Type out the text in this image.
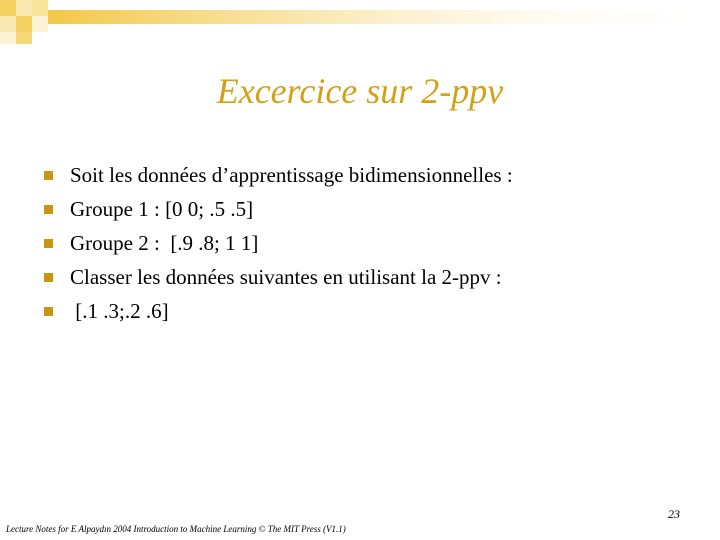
Excercice sur 2-ppv
Soit les données d’apprentissage bidimensionnelles :
Groupe 1 : [0 0; .5 .5]
Groupe 2 :  [.9 .8; 1 1]
Classer les données suivantes en utilisant la 2-ppv :
[.1 .3;.2 .6]
23
Lecture Notes for E Alpaydın 2004 Introduction to Machine Learning © The MIT Press (V1.1)
